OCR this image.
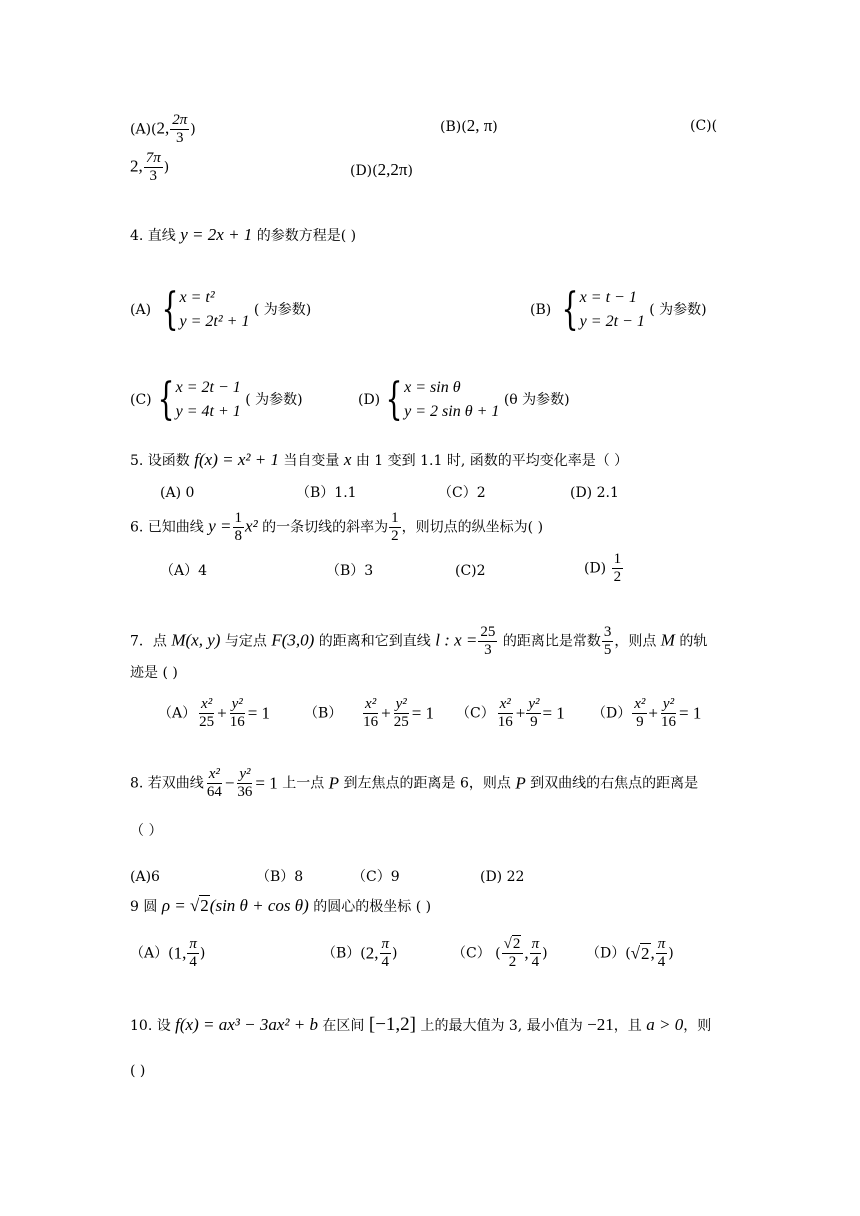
(A)(2, $\frac{2\pi}{3}$ )	(B)(2, π)	(C)(
2, $\frac{7\pi}{3}$ )	(D)(2,2π)
4. 直线 y = 2x + 1 的参数方程是( )
(A) { x = t²
y = 2t² + 1
( 为参数)	(B) { x = t − 1
y = 2t − 1
( 为参数)
(C) { x = 2t − 1
y = 4t + 1
( 为参数)	(D) { x = sin θ
y = 2 sin θ + 1
(θ 为参数)
5. 设函数 f(x) = x² + 1 当自变量 x 由 1 变到 1.1 时, 函数的平均变化率是（ ）
(A) 0	（B）1.1	（C）2	(D) 2.1
6. 已知曲线 $y = \frac{1}{8} x^2$ 的一条切线的斜率为 $\frac{1}{2}$ ，则切点的纵坐标为( )
（A）4	（B）3	(C)2	$(D) \frac{1}{2}$
7．点 M(x, y) 与定点 F(3,0) 的距离和它到直线 l : $x = \frac{25}{3}$ 的距离比是常数 $\frac{3}{5}$ ，则点 M 的轨
迹是 ( )
$(A) \frac{\text{x²}}{25} + \frac{\text{y²}}{16} = 1$ $(B) \frac{\text{x²}}{16} + \frac{\text{y²}}{25} = 1$ $(C) \frac{\text{x²}}{16} + \frac{\text{y²}}{9} = 1$ $(D) \frac{\text{x²}}{9} + \frac{\text{y²}}{16} = 1$
8. 若双曲线 $\frac{\text{x²}}{64} - \frac{\text{y²}}{36} = 1$ 上一点 P 到左焦点的距离是 6，则点 P 到双曲线的右焦点的距离是
（ ）
(A)6	（B）8	（C）9	(D) 22
9 圆 ρ = √2(sin θ + cos θ) 的圆心的极坐标 ( )
（A）(1, $\frac{\pi}{4}$ )	（B）(2, $\frac{\pi}{4}$ )	（C） ( $\frac{√2}{2}$ , $\frac{\pi}{4}$ )	（D）(√2, $\frac{\pi}{4}$ )
10. 设 f(x) = ax³ − 3ax² + b 在区间 [−1,2] 上的最大值为 3, 最小值为 −21，且 a > 0，则
( )
